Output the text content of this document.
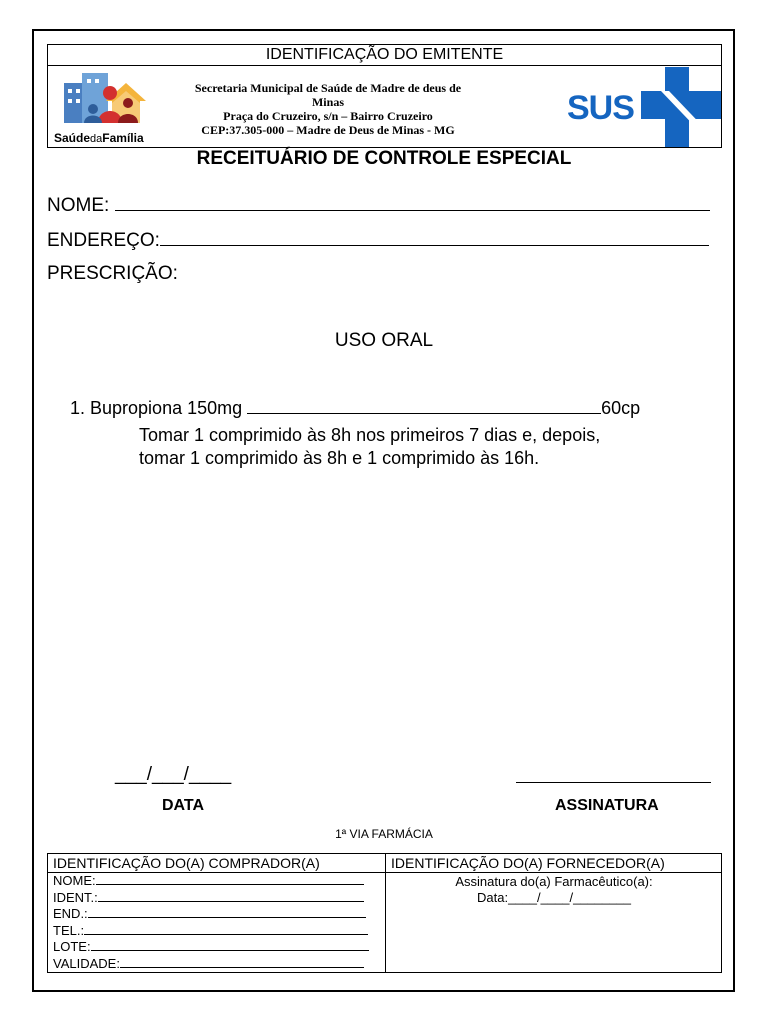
IDENTIFICAÇÃO DO EMITENTE
SaúdedaFamília
Secretaria Municipal de Saúde de Madre de deus de Minas
Praça do Cruzeiro, s/n – Bairro Cruzeiro
CEP:37.305-000 – Madre de Deus de Minas - MG
SUS
RECEITUÁRIO DE CONTROLE ESPECIAL
NOME:
ENDEREÇO:
PRESCRIÇÃO:
USO ORAL
1. Bupropiona 150mg	60cp
Tomar 1 comprimido às 8h nos primeiros 7 dias e, depois,
tomar 1 comprimido às 8h e 1 comprimido às 16h.
___/___/____
DATA	ASSINATURA
1ª VIA FARMÁCIA
IDENTIFICAÇÃO DO(A) COMPRADOR(A)	IDENTIFICAÇÃO DO(A) FORNECEDOR(A)
NOME:
IDENT.:
END.:
TEL.:
LOTE:
VALIDADE:
Assinatura do(a) Farmacêutico(a):
Data:____/____/________
